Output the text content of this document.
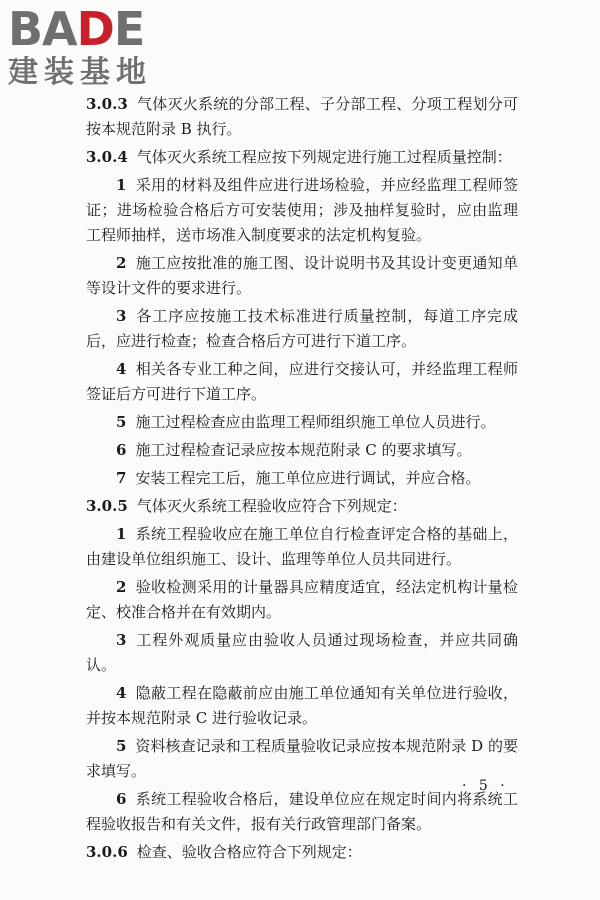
BADE
建装基地

3.0.3 气体灭火系统的分部工程、子分部工程、分项工程划分可按本规范附录 B 执行。

3.0.4 气体灭火系统工程应按下列规定进行施工过程质量控制：

1 采用的材料及组件应进行进场检验，并应经监理工程师签证；进场检验合格后方可安装使用；涉及抽样复验时，应由监理工程师抽样，送市场准入制度要求的法定机构复验。

2 施工应按批准的施工图、设计说明书及其设计变更通知单等设计文件的要求进行。

3 各工序应按施工技术标准进行质量控制，每道工序完成后，应进行检查；检查合格后方可进行下道工序。

4 相关各专业工种之间，应进行交接认可，并经监理工程师签证后方可进行下道工序。

5 施工过程检查应由监理工程师组织施工单位人员进行。

6 施工过程检查记录应按本规范附录 C 的要求填写。

7 安装工程完工后，施工单位应进行调试，并应合格。

3.0.5 气体灭火系统工程验收应符合下列规定：

1 系统工程验收应在施工单位自行检查评定合格的基础上，由建设单位组织施工、设计、监理等单位人员共同进行。

2 验收检测采用的计量器具应精度适宜，经法定机构计量检定、校准合格并在有效期内。

3 工程外观质量应由验收人员通过现场检查，并应共同确认。

4 隐蔽工程在隐蔽前应由施工单位通知有关单位进行验收，并按本规范附录 C 进行验收记录。

5 资料核查记录和工程质量验收记录应按本规范附录 D 的要求填写。

6 系统工程验收合格后，建设单位应在规定时间内将系统工程验收报告和有关文件，报有关行政管理部门备案。

3.0.6 检查、验收合格应符合下列规定：

· 5 ·
